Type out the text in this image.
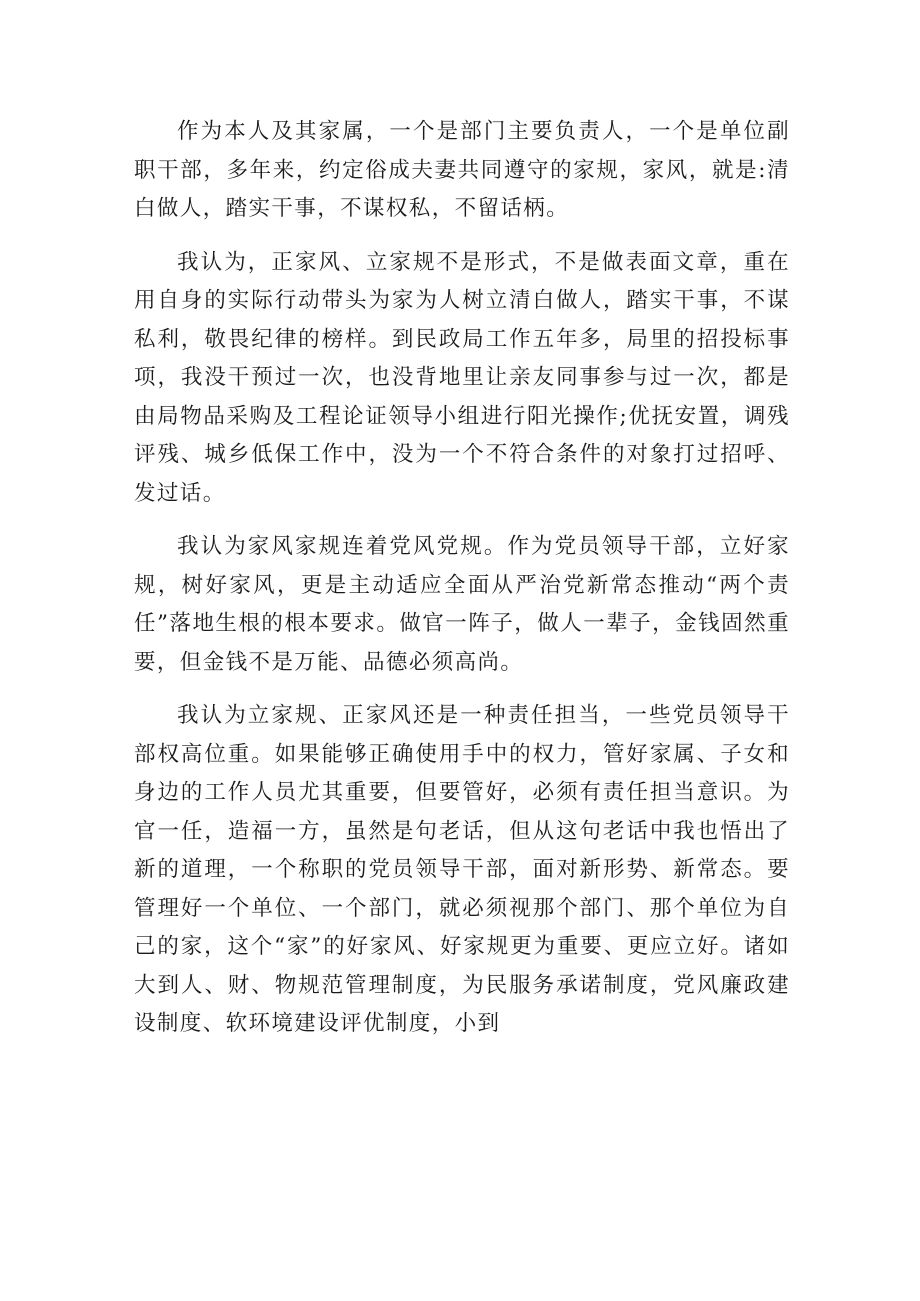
作为本人及其家属，一个是部门主要负责人，一个是单位副职干部，多年来，约定俗成夫妻共同遵守的家规，家风，就是:清白做人，踏实干事，不谋权私，不留话柄。

我认为，正家风、立家规不是形式，不是做表面文章，重在用自身的实际行动带头为家为人树立清白做人，踏实干事，不谋私利，敬畏纪律的榜样。到民政局工作五年多，局里的招投标事项，我没干预过一次，也没背地里让亲友同事参与过一次，都是由局物品采购及工程论证领导小组进行阳光操作;优抚安置，调残评残、城乡低保工作中，没为一个不符合条件的对象打过招呼、发过话。

我认为家风家规连着党风党规。作为党员领导干部，立好家规，树好家风，更是主动适应全面从严治党新常态推动“两个责任”落地生根的根本要求。做官一阵子，做人一辈子，金钱固然重要，但金钱不是万能、品德必须高尚。

我认为立家规、正家风还是一种责任担当，一些党员领导干部权高位重。如果能够正确使用手中的权力，管好家属、子女和身边的工作人员尤其重要，但要管好，必须有责任担当意识。为官一任，造福一方，虽然是句老话，但从这句老话中我也悟出了新的道理，一个称职的党员领导干部，面对新形势、新常态。要管理好一个单位、一个部门，就必须视那个部门、那个单位为自己的家，这个“家”的好家风、好家规更为重要、更应立好。诸如大到人、财、物规范管理制度，为民服务承诺制度，党风廉政建设制度、软环境建设评优制度，小到
